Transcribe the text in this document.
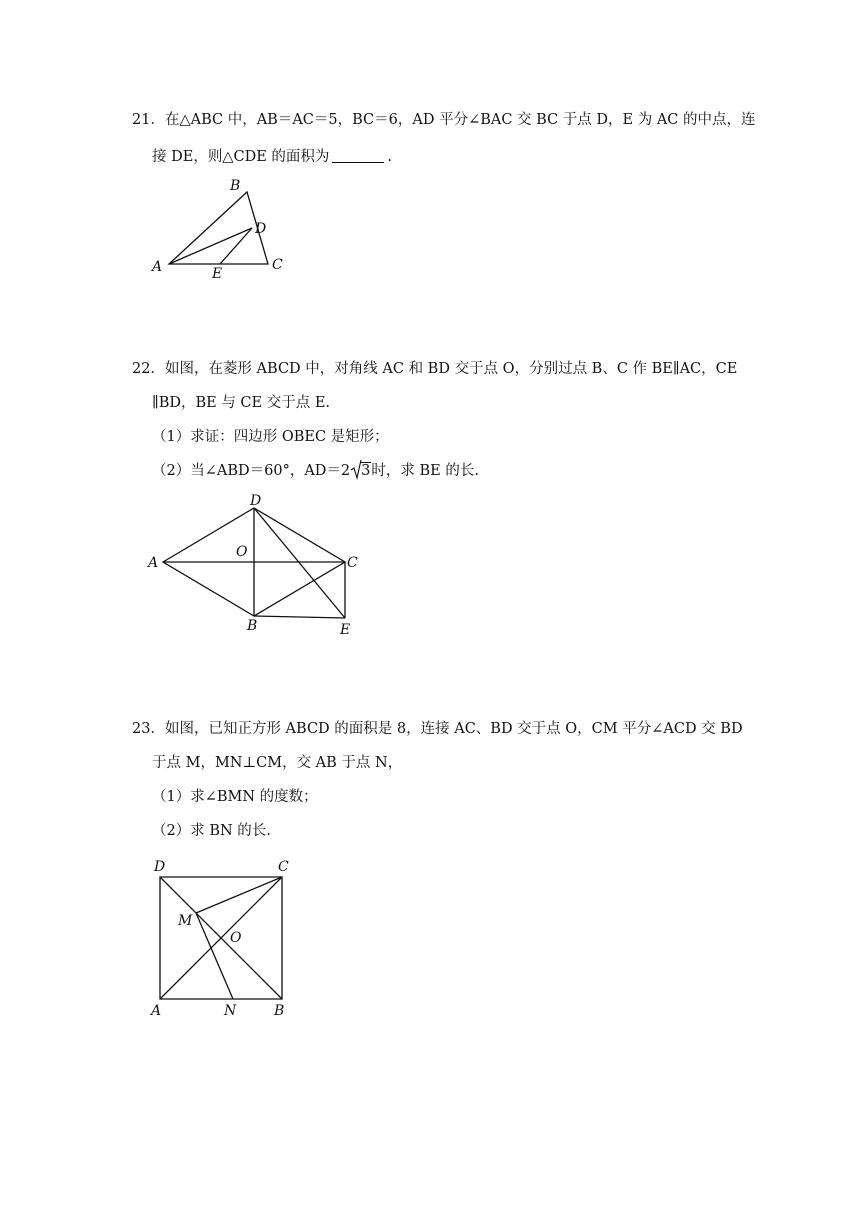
21．在△ABC 中，AB＝AC＝5，BC＝6，AD 平分∠BAC 交 BC 于点 D，E 为 AC 的中点，连
接 DE，则△CDE 的面积为	.
A
B
C
D
E
22．如图，在菱形 ABCD 中，对角线 AC 和 BD 交于点 O，分别过点 B、C 作 BE∥AC，CE
∥BD，BE 与 CE 交于点 E.
（1）求证：四边形 OBEC 是矩形；
（2）当∠ABD＝60°，AD＝2 3时，求 BE 的长.
A
B
C
D
E
O
23．如图，已知正方形 ABCD 的面积是 8，连接 AC、BD 交于点 O，CM 平分∠ACD 交 BD
于点 M，MN⊥CM，交 AB 于点 N，
（1）求∠BMN 的度数；
（2）求 BN 的长.
A	B
C
D
M
N
O
